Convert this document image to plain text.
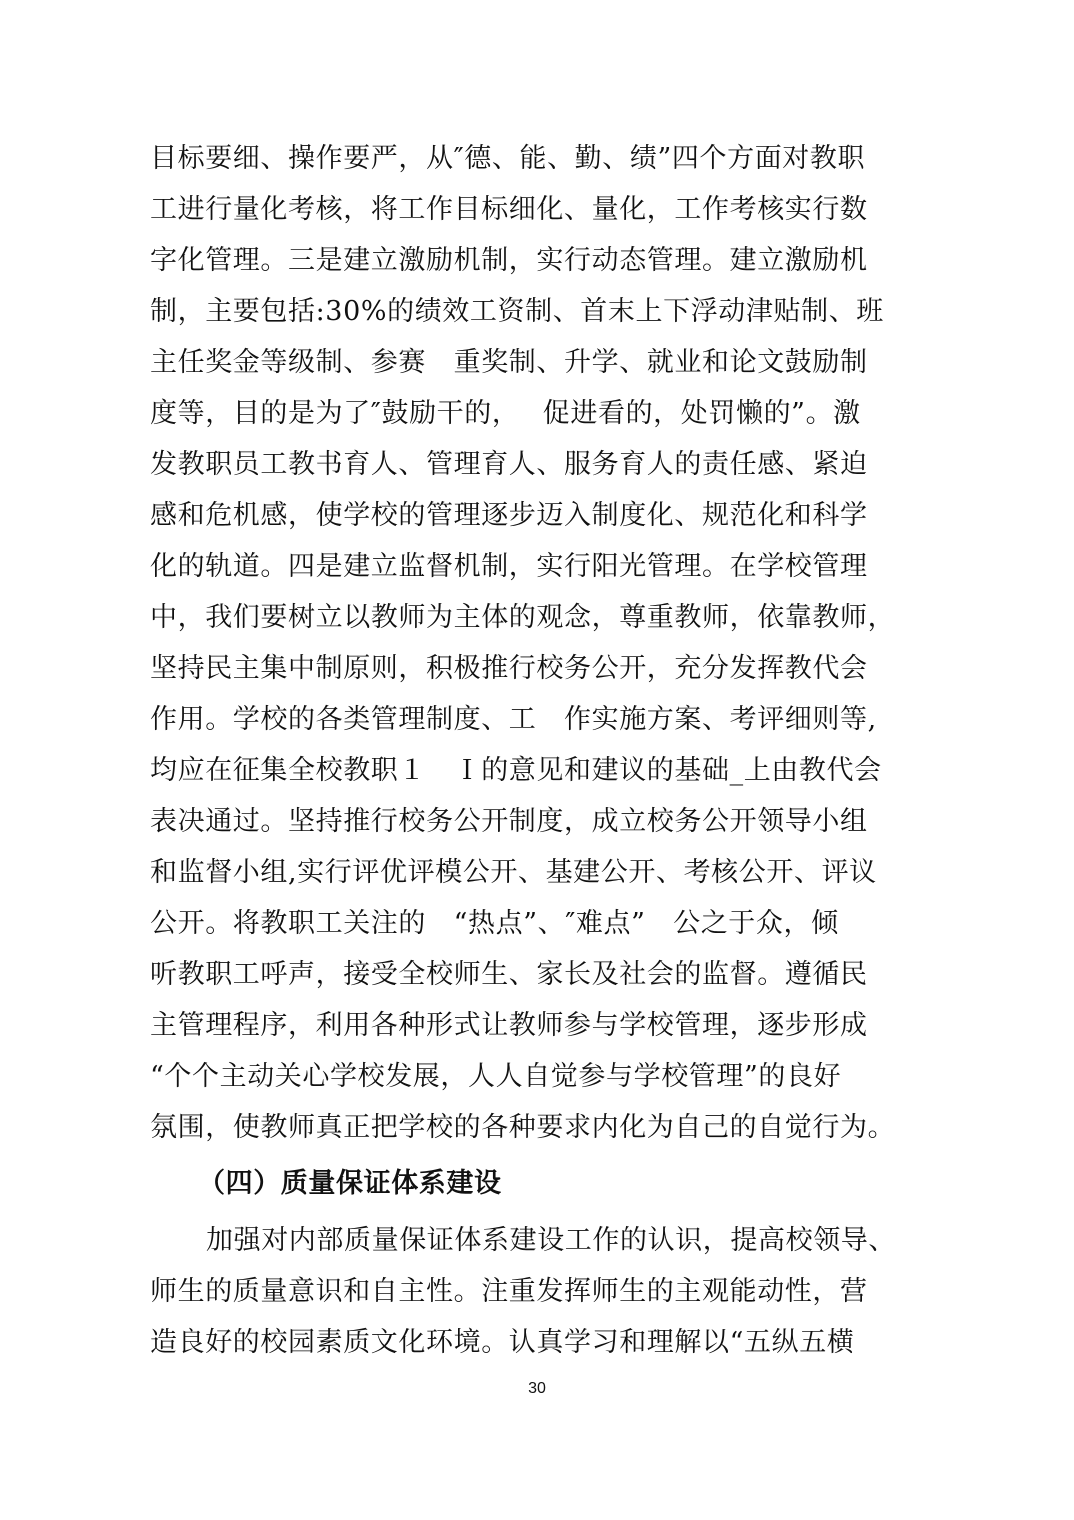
目标要细、操作要严，从″德、能、勤、绩”四个方面对教职
工进行量化考核，将工作目标细化、量化，工作考核实行数
字化管理。三是建立激励机制，实行动态管理。建立激励机
制，主要包括:30%的绩效工资制、首末上下浮动津贴制、班
主任奖金等级制、参赛　重奖制、升学、就业和论文鼓励制
度等，目的是为了″鼓励干的，　 促进看的，处罚懒的”。激
发教职员工教书育人、管理育人、服务育人的责任感、紧迫
感和危机感，使学校的管理逐步迈入制度化、规范化和科学
化的轨道。四是建立监督机制，实行阳光管理。在学校管理
中，我们要树立以教师为主体的观念，尊重教师，依靠教师，
坚持民主集中制原则，积极推行校务公开，充分发挥教代会
作用。学校的各类管理制度、工　作实施方案、考评细则等,
均应在征集全校教职１　Ｉ的意见和建议的基础_上由教代会
表决通过。坚持推行校务公开制度，成立校务公开领导小组
和监督小组,实行评优评模公开、基建公开、考核公开、评议
公开。将教职工关注的　“热点”、″难点”　公之于众，倾
听教职工呼声，接受全校师生、家长及社会的监督。遵循民
主管理程序，利用各种形式让教师参与学校管理，逐步形成
“个个主动关心学校发展，人人自觉参与学校管理”的良好
氛围，使教师真正把学校的各种要求内化为自己的自觉行为。
（四）质量保证体系建设
加强对内部质量保证体系建设工作的认识，提高校领导、
师生的质量意识和自主性。注重发挥师生的主观能动性，营
造良好的校园素质文化环境。认真学习和理解以“五纵五横
30
